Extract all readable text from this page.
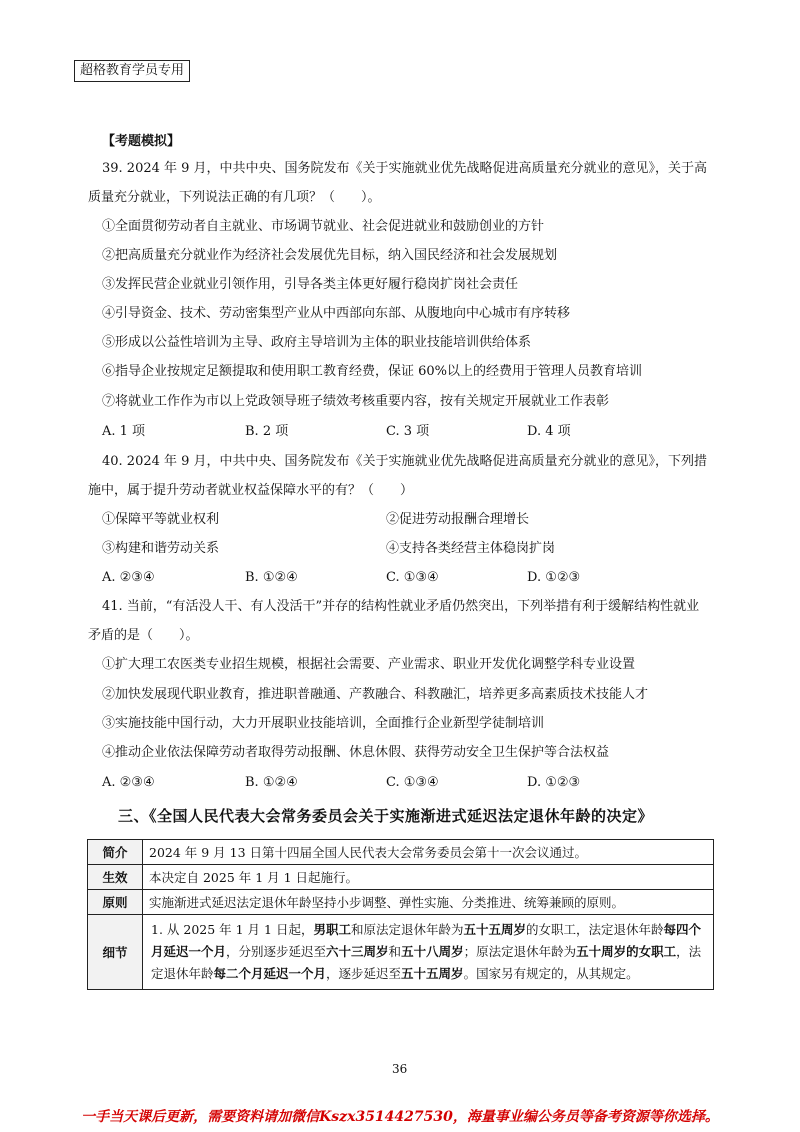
超格教育学员专用
【考题模拟】
39. 2024 年 9 月，中共中央、国务院发布《关于实施就业优先战略促进高质量充分就业的意见》，关于高
质量充分就业，下列说法正确的有几项？（　　）。
①全面贯彻劳动者自主就业、市场调节就业、社会促进就业和鼓励创业的方针
②把高质量充分就业作为经济社会发展优先目标，纳入国民经济和社会发展规划
③发挥民营企业就业引领作用，引导各类主体更好履行稳岗扩岗社会责任
④引导资金、技术、劳动密集型产业从中西部向东部、从腹地向中心城市有序转移
⑤形成以公益性培训为主导、政府主导培训为主体的职业技能培训供给体系
⑥指导企业按规定足额提取和使用职工教育经费，保证 60%以上的经费用于管理人员教育培训
⑦将就业工作作为市以上党政领导班子绩效考核重要内容，按有关规定开展就业工作表彰
A. 1 项	B. 2 项	C. 3 项	D. 4 项
40. 2024 年 9 月，中共中央、国务院发布《关于实施就业优先战略促进高质量充分就业的意见》，下列措
施中，属于提升劳动者就业权益保障水平的有？（　　）
①保障平等就业权利	②促进劳动报酬合理增长
③构建和谐劳动关系	④支持各类经营主体稳岗扩岗
A. ②③④	B. ①②④	C. ①③④	D. ①②③
41. 当前，“有活没人干、有人没活干”并存的结构性就业矛盾仍然突出，下列举措有利于缓解结构性就业
矛盾的是（　　）。
①扩大理工农医类专业招生规模，根据社会需要、产业需求、职业开发优化调整学科专业设置
②加快发展现代职业教育，推进职普融通、产教融合、科教融汇，培养更多高素质技术技能人才
③实施技能中国行动，大力开展职业技能培训，全面推行企业新型学徒制培训
④推动企业依法保障劳动者取得劳动报酬、休息休假、获得劳动安全卫生保护等合法权益
A. ②③④	B. ①②④	C. ①③④	D. ①②③
三、《全国人民代表大会常务委员会关于实施渐进式延迟法定退休年龄的决定》
简介	2024 年 9 月 13 日第十四届全国人民代表大会常务委员会第十一次会议通过。
生效	本决定自 2025 年 1 月 1 日起施行。
原则	实施渐进式延迟法定退休年龄坚持小步调整、弹性实施、分类推进、统筹兼顾的原则。
细节	1. 从 2025 年 1 月 1 日起，男职工和原法定退休年龄为五十五周岁的女职工，法定退休年龄每四个月延迟一个月，分别逐步延迟至六十三周岁和五十八周岁；原法定退休年龄为五十周岁的女职工，法定退休年龄每二个月延迟一个月，逐步延迟至五十五周岁。国家另有规定的，从其规定。
36
一手当天课后更新，需要资料请加微信Kszx3514427530，海量事业编公务员等备考资源等你选择。
